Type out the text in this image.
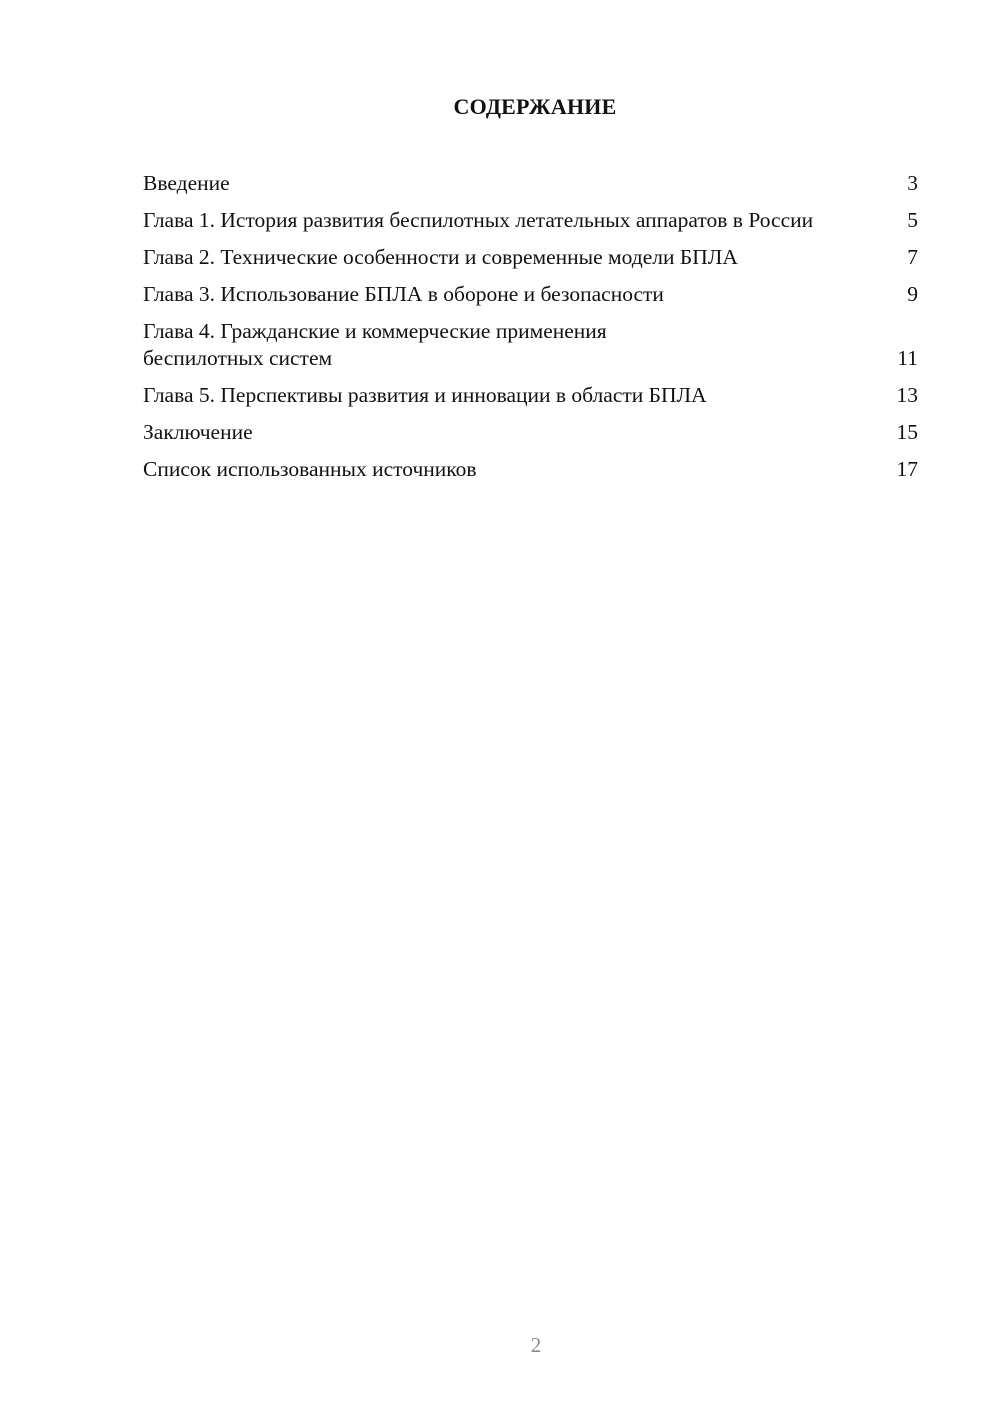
СОДЕРЖАНИЕ
Введение	3
Глава 1. История развития беспилотных летательных аппаратов в России	5
Глава 2. Технические особенности и современные модели БПЛА	7
Глава 3. Использование БПЛА в обороне и безопасности	9
Глава 4. Гражданские и коммерческие применения беспилотных систем	11
Глава 5. Перспективы развития и инновации в области БПЛА	13
Заключение	15
Список использованных источников	17
2
